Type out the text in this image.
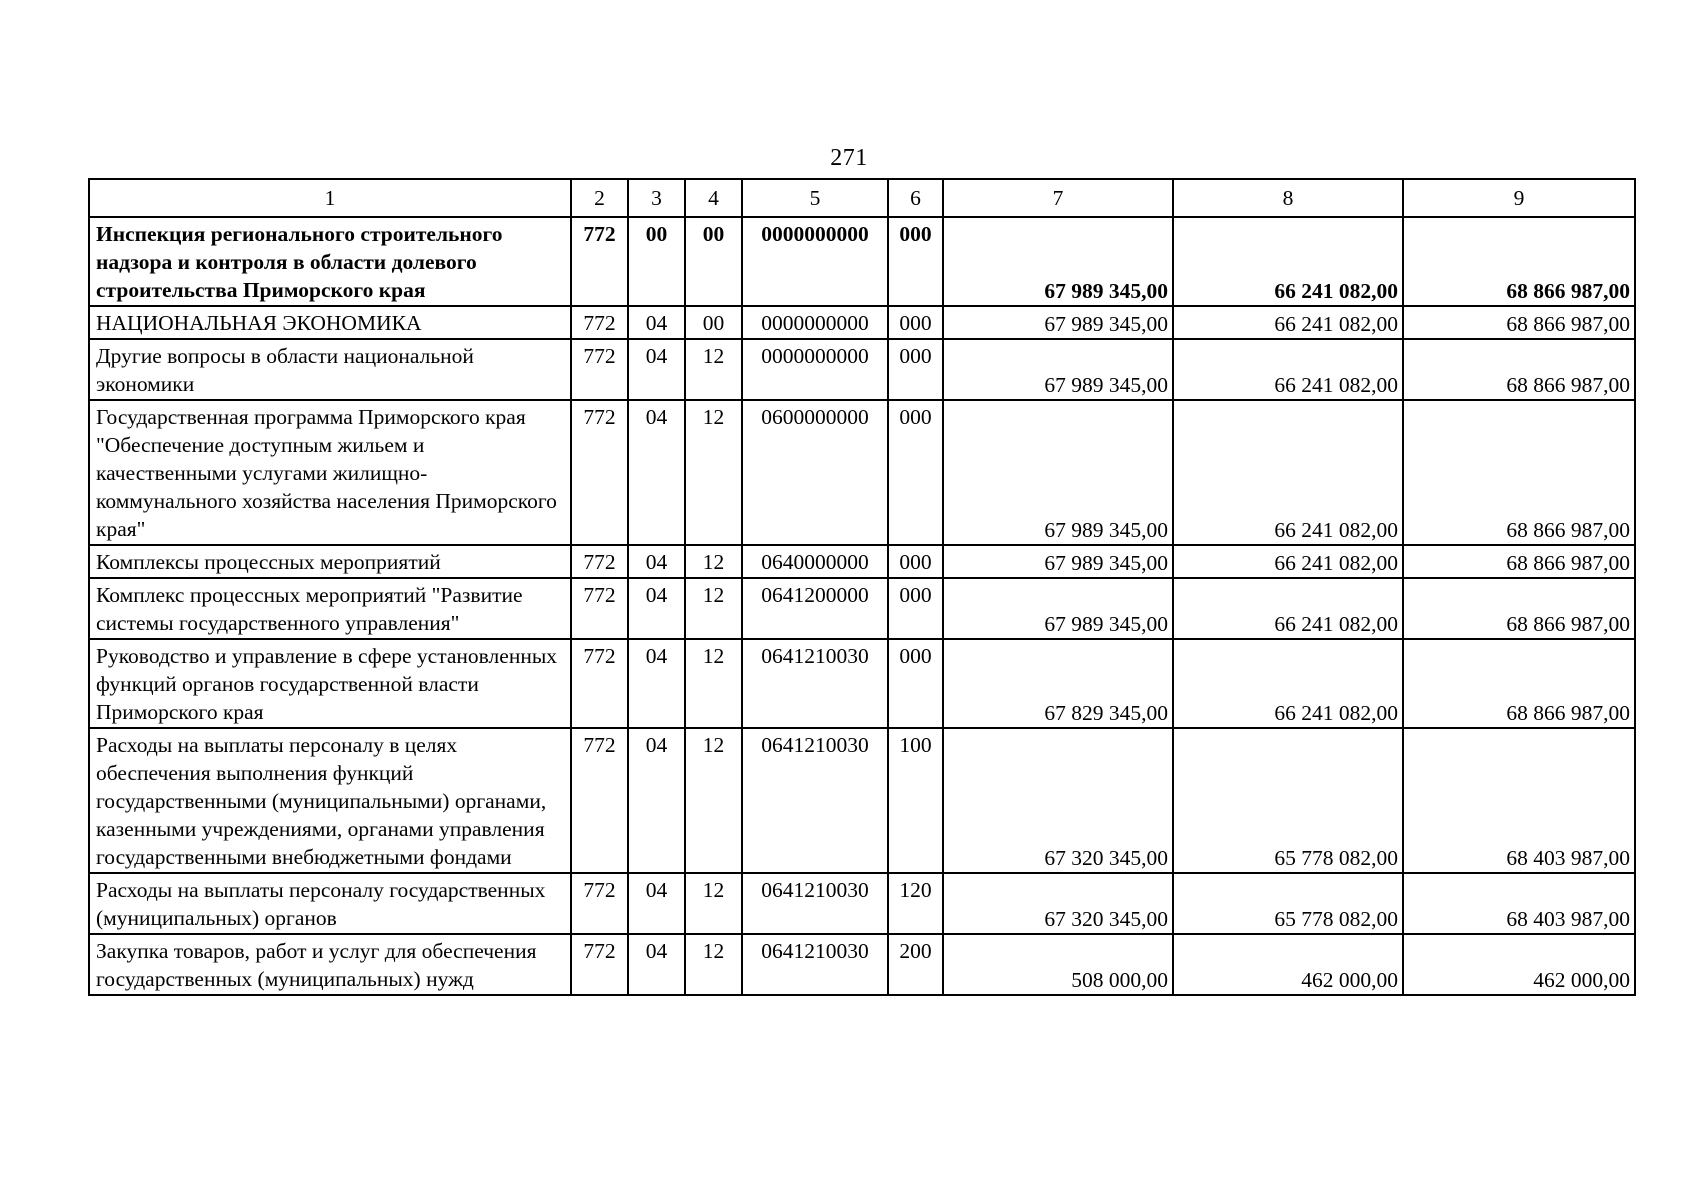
271
1	2	3	4	5	6	7	8	9
Инспекция регионального строительного надзора и контроля в области долевого строительства Приморского края	772	00	00	0000000000	000	67 989 345,00	66 241 082,00	68 866 987,00
НАЦИОНАЛЬНАЯ ЭКОНОМИКА	772	04	00	0000000000	000	67 989 345,00	66 241 082,00	68 866 987,00
Другие вопросы в области национальной экономики	772	04	12	0000000000	000	67 989 345,00	66 241 082,00	68 866 987,00
Государственная программа Приморского края "Обеспечение доступным жильем и качественными услугами жилищно-коммунального хозяйства населения Приморского края"	772	04	12	0600000000	000	67 989 345,00	66 241 082,00	68 866 987,00
Комплексы процессных мероприятий	772	04	12	0640000000	000	67 989 345,00	66 241 082,00	68 866 987,00
Комплекс процессных мероприятий "Развитие системы государственного управления"	772	04	12	0641200000	000	67 989 345,00	66 241 082,00	68 866 987,00
Руководство и управление в сфере установленных функций органов государственной власти Приморского края	772	04	12	0641210030	000	67 829 345,00	66 241 082,00	68 866 987,00
Расходы на выплаты персоналу в целях обеспечения выполнения функций государственными (муниципальными) органами, казенными учреждениями, органами управления государственными внебюджетными фондами	772	04	12	0641210030	100	67 320 345,00	65 778 082,00	68 403 987,00
Расходы на выплаты персоналу государственных (муниципальных) органов	772	04	12	0641210030	120	67 320 345,00	65 778 082,00	68 403 987,00
Закупка товаров, работ и услуг для обеспечения государственных (муниципальных) нужд	772	04	12	0641210030	200	508 000,00	462 000,00	462 000,00
